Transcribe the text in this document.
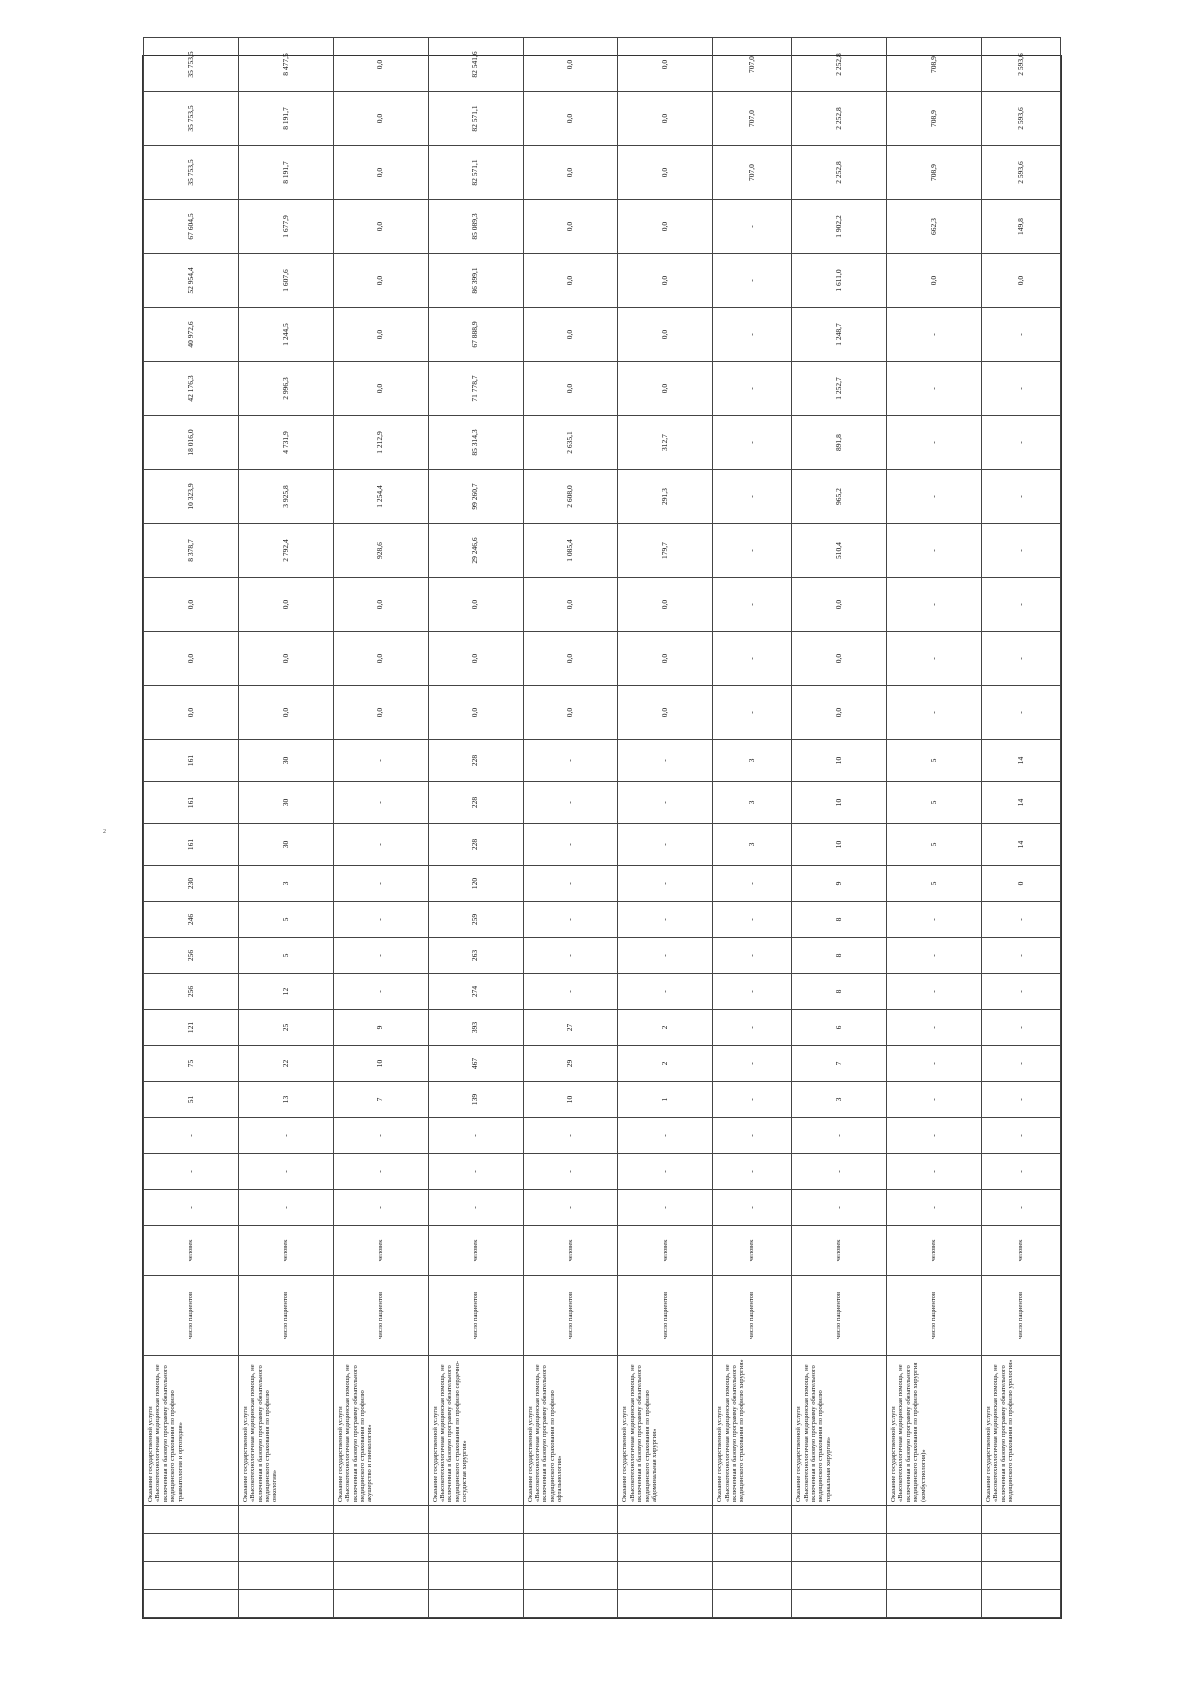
				Оказание государственной услуги «Высокотехнологичная медицинская помощь, не включенная в базовую программу обязательного медицинского страхования по профилю травматология и ортопедия»	число пациентов	человек	-	-	-	51	75	121	256	256	246	230	161	161	161	0,0	0,0	0,0	8 378,7	10 323,9	18 016,0	42 176,3	40 972,6	52 954,4	67 604,5	35 753,5	35 753,5	35 753,5
				Оказание государственной услуги «Высокотехнологичная медицинская помощь, не включенная в базовую программу обязательного медицинского страхования по профилю онкология»	число пациентов	человек	-	-	-	13	22	25	12	5	5	3	30	30	30	0,0	0,0	0,0	2 792,4	3 925,8	4 731,9	2 996,3	1 244,5	1 607,6	1 677,9	8 191,7	8 191,7	8 477,5
				Оказание государственной услуги «Высокотехнологичная медицинская помощь, не включенная в базовую программу обязательного медицинского страхования по профилю акушерство и гинекология»	число пациентов	человек	-	-	-	7	10	9	-	-	-	-	-	-	-	0,0	0,0	0,0	928,6	1 254,4	1 212,9	0,0	0,0	0,0	0,0	0,0	0,0	0,0
				Оказание государственной услуги «Высокотехнологичная медицинская помощь, не включенная в базовую программу обязательного медицинского страхования по профилю сердечно-сосудистая хирургия»	число пациентов	человек	-	-	-	139	467	393	274	263	259	120	228	228	228	0,0	0,0	0,0	29 246,6	99 260,7	85 314,3	71 778,7	67 888,9	86 399,1	85 089,3	82 571,1	82 571,1	82 541,6
				Оказание государственной услуги «Высокотехнологичная медицинская помощь, не включенная в базовую программу обязательного медицинского страхования по профилю офтальмология»	число пациентов	человек	-	-	-	10	29	27	-	-	-	-	-	-	-	0,0	0,0	0,0	1 085,4	2 608,0	2 635,1	0,0	0,0	0,0	0,0	0,0	0,0	0,0
				Оказание государственной услуги «Высокотехнологичная медицинская помощь, не включенная в базовую программу обязательного медицинского страхования по профилю абдоминальная хирургия»	число пациентов	человек	-	-	-	1	2	2	-	-	-	-	-	-	-	0,0	0,0	0,0	179,7	291,3	312,7	0,0	0,0	0,0	0,0	0,0	0,0	0,0
				Оказание государственной услуги «Высокотехнологичная медицинская помощь, не включенная в базовую программу обязательного медицинского страхования по профилю хирургия»	число пациентов	человек	-	-	-	-	-	-	-	-	-	-	3	3	3	-	-	-	-	-	-	-	-	-	-	707,0	707,0	707,0
				Оказание государственной услуги «Высокотехнологичная медицинская помощь, не включенная в базовую программу обязательного медицинского страхования по профилю торакальная хирургия»	число пациентов	человек	-	-	-	3	7	6	8	8	8	9	10	10	10	0,0	0,0	0,0	510,4	965,2	891,8	1 252,7	1 248,7	1 611,0	1 902,2	2 252,8	2 252,8	2 252,8
				Оказание государственной услуги «Высокотехнологичная медицинская помощь, не включенная в базовую программу обязательного медицинского страхования по профилю хирургия (комбустиология)»	число пациентов	человек	-	-	-	-	-	-	-	-	-	5	5	5	5	-	-	-	-	-	-	-	-	0,0	662,3	708,9	708,9	708,9
				Оказание государственной услуги «Высокотехнологичная медицинская помощь, не включенная в базовую программу обязательного медицинского страхования по профилю урология»	число пациентов	человек	-	-	-	-	-	-	-	-	-	0	14	14	14	-	-	-	-	-	-	-	-	0,0	149,8	2 593,6	2 593,6	2 593,6
2
